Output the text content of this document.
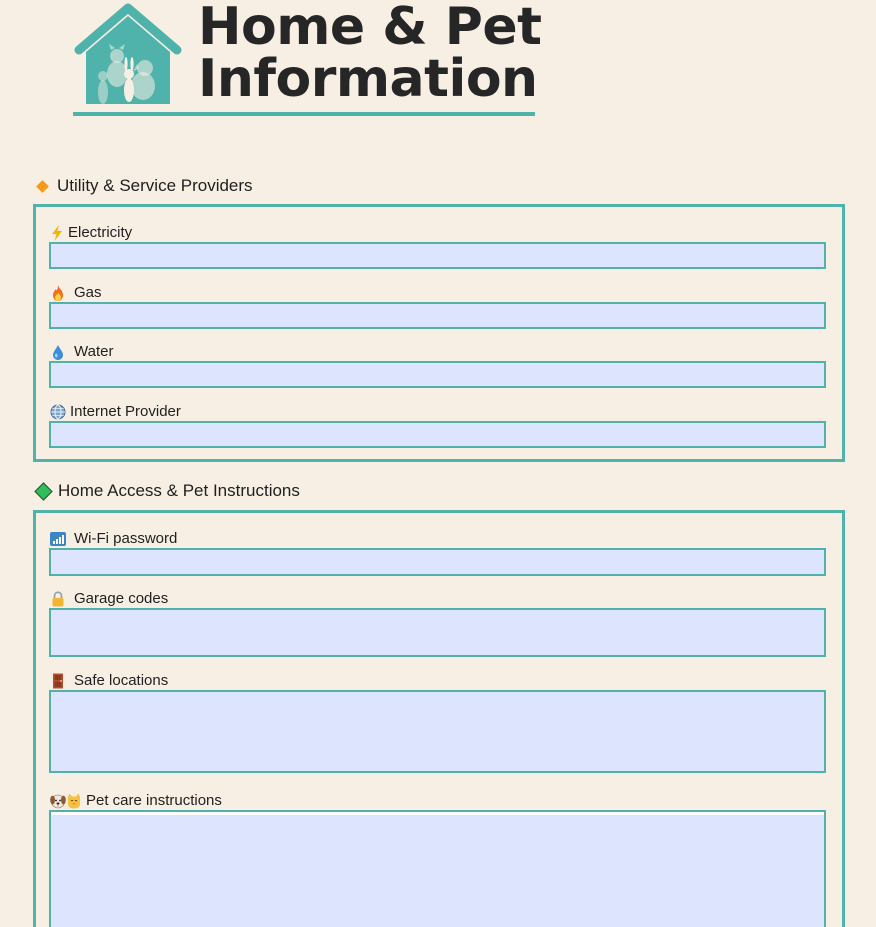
Home & Pet
Information
Utility & Service Providers
Electricity
Gas
Water
Internet Provider
Home Access & Pet Instructions
Wi-Fi password
Garage codes
Safe locations
Pet care instructions
